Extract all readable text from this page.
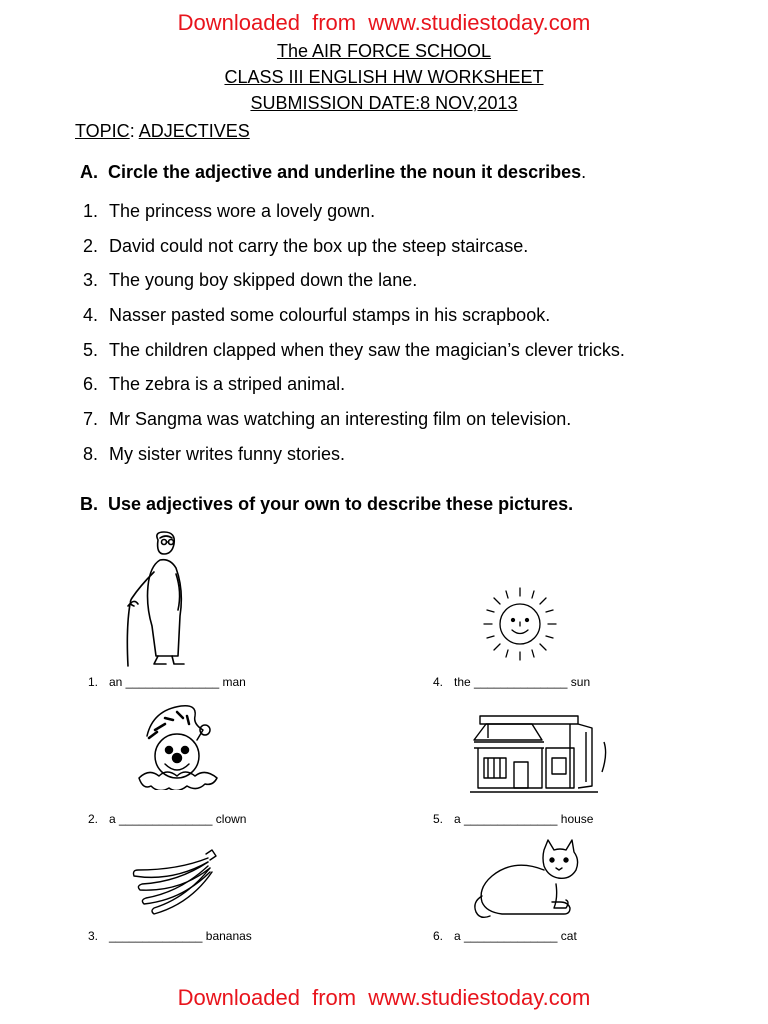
Downloaded from www.studiestoday.com
The AIR FORCE SCHOOL
CLASS III ENGLISH HW WORKSHEET
SUBMISSION DATE:8 NOV,2013
TOPIC: ADJECTIVES
A. Circle the adjective and underline the noun it describes.
1. The princess wore a lovely gown.
2. David could not carry the box up the steep staircase.
3. The young boy skipped down the lane.
4. Nasser pasted some colourful stamps in his scrapbook.
5. The children clapped when they saw the magician’s clever tricks.
6. The zebra is a striped animal.
7. Mr Sangma was watching an interesting film on television.
8. My sister writes funny stories.
B. Use adjectives of your own to describe these pictures.
1. an ______________ man	4. the ______________ sun
2. a ______________ clown	5. a ______________ house
3. ______________ bananas	6. a ______________ cat
Downloaded from www.studiestoday.com
